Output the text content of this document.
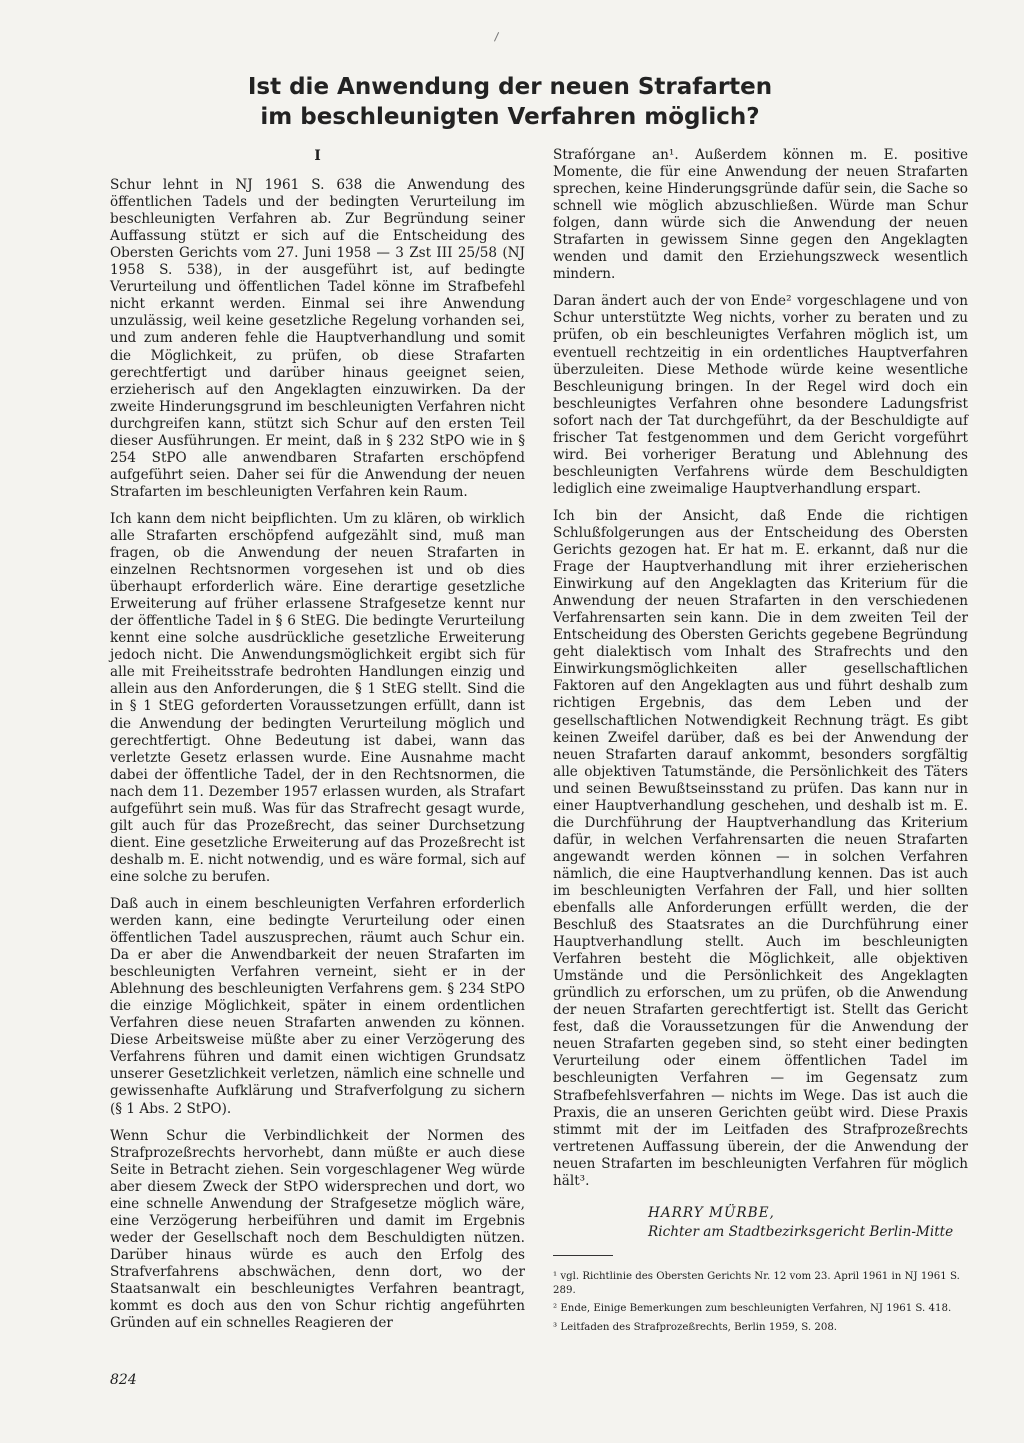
Ist die Anwendung der neuen Strafarten
im beschleunigten Verfahren möglich?
I

Schur lehnt in NJ 1961 S. 638 die Anwendung des öffentlichen Tadels und der bedingten Verurteilung im beschleunigten Verfahren ab. Zur Begründung seiner Auffassung stützt er sich auf die Entscheidung des Obersten Gerichts vom 27. Juni 1958 — 3 Zst III 25/58 (NJ 1958 S. 538), in der ausgeführt ist, auf bedingte Verurteilung und öffentlichen Tadel könne im Strafbefehl nicht erkannt werden. Einmal sei ihre Anwendung unzulässig, weil keine gesetzliche Regelung vorhanden sei, und zum anderen fehle die Hauptverhandlung und somit die Möglichkeit, zu prüfen, ob diese Strafarten gerechtfertigt und darüber hinaus geeignet seien, erzieherisch auf den Angeklagten einzuwirken. Da der zweite Hinderungsgrund im beschleunigten Verfahren nicht durchgreifen kann, stützt sich Schur auf den ersten Teil dieser Ausführungen. Er meint, daß in § 232 StPO wie in § 254 StPO alle anwendbaren Strafarten erschöpfend aufgeführt seien. Daher sei für die Anwendung der neuen Strafarten im beschleunigten Verfahren kein Raum.

Ich kann dem nicht beipflichten. Um zu klären, ob wirklich alle Strafarten erschöpfend aufgezählt sind, muß man fragen, ob die Anwendung der neuen Strafarten in einzelnen Rechtsnormen vorgesehen ist und ob dies überhaupt erforderlich wäre. Eine derartige gesetzliche Erweiterung auf früher erlassene Strafgesetze kennt nur der öffentliche Tadel in § 6 StEG. Die bedingte Verurteilung kennt eine solche ausdrückliche gesetzliche Erweiterung jedoch nicht. Die Anwendungsmöglichkeit ergibt sich für alle mit Freiheitsstrafe bedrohten Handlungen einzig und allein aus den Anforderungen, die § 1 StEG stellt. Sind die in § 1 StEG geforderten Voraussetzungen erfüllt, dann ist die Anwendung der bedingten Verurteilung möglich und gerechtfertigt. Ohne Bedeutung ist dabei, wann das verletzte Gesetz erlassen wurde. Eine Ausnahme macht dabei der öffentliche Tadel, der in den Rechtsnormen, die nach dem 11. Dezember 1957 erlassen wurden, als Strafart aufgeführt sein muß. Was für das Strafrecht gesagt wurde, gilt auch für das Prozeßrecht, das seiner Durchsetzung dient. Eine gesetzliche Erweiterung auf das Prozeßrecht ist deshalb m. E. nicht notwendig, und es wäre formal, sich auf eine solche zu berufen.

Daß auch in einem beschleunigten Verfahren erforderlich werden kann, eine bedingte Verurteilung oder einen öffentlichen Tadel auszusprechen, räumt auch Schur ein. Da er aber die Anwendbarkeit der neuen Strafarten im beschleunigten Verfahren verneint, sieht er in der Ablehnung des beschleunigten Verfahrens gem. § 234 StPO die einzige Möglichkeit, später in einem ordentlichen Verfahren diese neuen Strafarten anwenden zu können. Diese Arbeitsweise müßte aber zu einer Verzögerung des Verfahrens führen und damit einen wichtigen Grundsatz unserer Gesetzlichkeit verletzen, nämlich eine schnelle und gewissenhafte Aufklärung und Strafverfolgung zu sichern (§ 1 Abs. 2 StPO).

Wenn Schur die Verbindlichkeit der Normen des Strafprozeßrechts hervorhebt, dann müßte er auch diese Seite in Betracht ziehen. Sein vorgeschlagener Weg würde aber diesem Zweck der StPO widersprechen und dort, wo eine schnelle Anwendung der Strafgesetze möglich wäre, eine Verzögerung herbeiführen und damit im Ergebnis weder der Gesellschaft noch dem Beschuldigten nützen. Darüber hinaus würde es auch den Erfolg des Strafverfahrens abschwächen, denn dort, wo der Staatsanwalt ein beschleunigtes Verfahren beantragt, kommt es doch aus den von Schur richtig angeführten Gründen auf ein schnelles Reagieren der

Strafórgane an¹. Außerdem können m. E. positive Momente, die für eine Anwendung der neuen Strafarten sprechen, keine Hinderungsgründe dafür sein, die Sache so schnell wie möglich abzuschließen. Würde man Schur folgen, dann würde sich die Anwendung der neuen Strafarten in gewissem Sinne gegen den Angeklagten wenden und damit den Erziehungszweck wesentlich mindern.

Daran ändert auch der von Ende² vorgeschlagene und von Schur unterstützte Weg nichts, vorher zu beraten und zu prüfen, ob ein beschleunigtes Verfahren möglich ist, um eventuell rechtzeitig in ein ordentliches Hauptverfahren überzuleiten. Diese Methode würde keine wesentliche Beschleunigung bringen. In der Regel wird doch ein beschleunigtes Verfahren ohne besondere Ladungsfrist sofort nach der Tat durchgeführt, da der Beschuldigte auf frischer Tat festgenommen und dem Gericht vorgeführt wird. Bei vorheriger Beratung und Ablehnung des beschleunigten Verfahrens würde dem Beschuldigten lediglich eine zweimalige Hauptverhandlung erspart.

Ich bin der Ansicht, daß Ende die richtigen Schlußfolgerungen aus der Entscheidung des Obersten Gerichts gezogen hat. Er hat m. E. erkannt, daß nur die Frage der Hauptverhandlung mit ihrer erzieherischen Einwirkung auf den Angeklagten das Kriterium für die Anwendung der neuen Strafarten in den verschiedenen Verfahrensarten sein kann. Die in dem zweiten Teil der Entscheidung des Obersten Gerichts gegebene Begründung geht dialektisch vom Inhalt des Strafrechts und den Einwirkungsmöglichkeiten aller gesellschaftlichen Faktoren auf den Angeklagten aus und führt deshalb zum richtigen Ergebnis, das dem Leben und der gesellschaftlichen Notwendigkeit Rechnung trägt. Es gibt keinen Zweifel darüber, daß es bei der Anwendung der neuen Strafarten darauf ankommt, besonders sorgfältig alle objektiven Tatumstände, die Persönlichkeit des Täters und seinen Bewußtseinsstand zu prüfen. Das kann nur in einer Hauptverhandlung geschehen, und deshalb ist m. E. die Durchführung der Hauptverhandlung das Kriterium dafür, in welchen Verfahrensarten die neuen Strafarten angewandt werden können — in solchen Verfahren nämlich, die eine Hauptverhandlung kennen. Das ist auch im beschleunigten Verfahren der Fall, und hier sollten ebenfalls alle Anforderungen erfüllt werden, die der Beschluß des Staatsrates an die Durchführung einer Hauptverhandlung stellt. Auch im beschleunigten Verfahren besteht die Möglichkeit, alle objektiven Umstände und die Persönlichkeit des Angeklagten gründlich zu erforschen, um zu prüfen, ob die Anwendung der neuen Strafarten gerechtfertigt ist. Stellt das Gericht fest, daß die Voraussetzungen für die Anwendung der neuen Strafarten gegeben sind, so steht einer bedingten Verurteilung oder einem öffentlichen Tadel im beschleunigten Verfahren — im Gegensatz zum Strafbefehlsverfahren — nichts im Wege. Das ist auch die Praxis, die an unseren Gerichten geübt wird. Diese Praxis stimmt mit der im Leitfaden des Strafprozeßrechts vertretenen Auffassung überein, der die Anwendung der neuen Strafarten im beschleunigten Verfahren für möglich hält³.

HARRY MÜRBE,
Richter am Stadtbezirksgericht Berlin-Mitte
¹ vgl. Richtlinie des Obersten Gerichts Nr. 12 vom 23. April 1961 in NJ 1961 S. 289.
² Ende, Einige Bemerkungen zum beschleunigten Verfahren, NJ 1961 S. 418.
³ Leitfaden des Strafprozeßrechts, Berlin 1959, S. 208.
824
